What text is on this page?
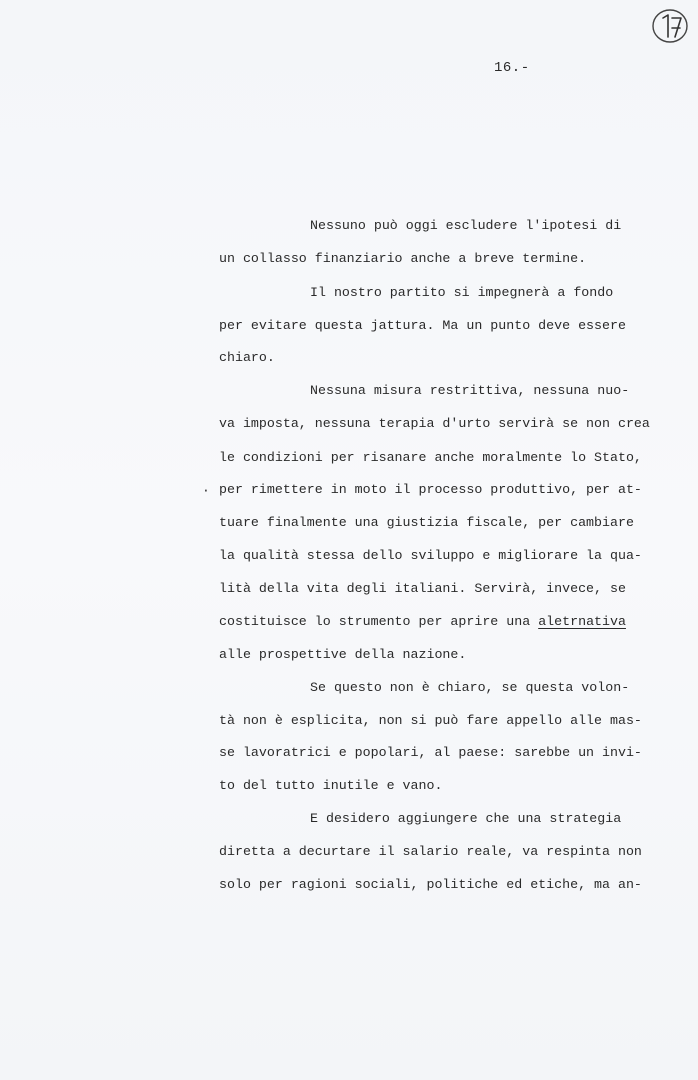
16.-
·
Nessuno può oggi escludere l'ipotesi di
un collasso finanziario anche a breve termine.
Il nostro partito si impegnerà a fondo
per evitare questa jattura. Ma un punto deve essere
chiaro.
Nessuna misura restrittiva, nessuna nuo-
va imposta, nessuna terapia d'urto servirà se non crea
le condizioni per risanare anche moralmente lo Stato,
per rimettere in moto il processo produttivo, per at-
tuare finalmente una giustizia fiscale, per cambiare
la qualità stessa dello sviluppo e migliorare la qua-
lità della vita degli italiani. Servirà, invece, se
costituisce lo strumento per aprire una aletrnativa
alle prospettive della nazione.
Se questo non è chiaro, se questa volon-
tà non è esplicita, non si può fare appello alle mas-
se lavoratrici e popolari, al paese: sarebbe un invi-
to del tutto inutile e vano.
E desidero aggiungere che una strategia
diretta a decurtare il salario reale, va respinta non
solo per ragioni sociali, politiche ed etiche, ma an-
